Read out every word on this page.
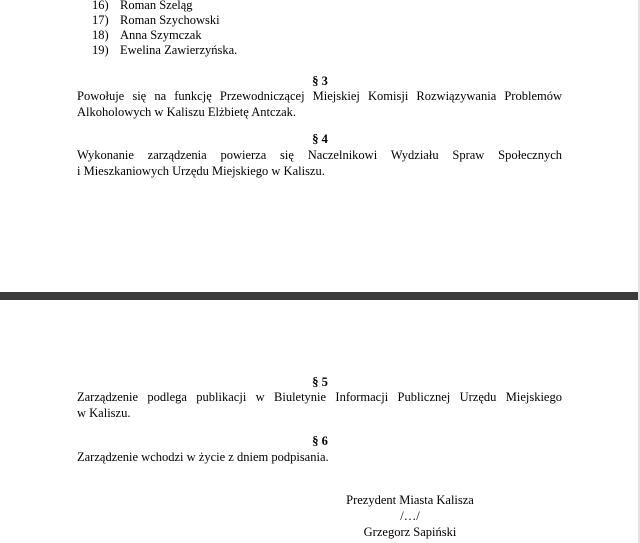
16) Roman Szeląg
17) Roman Szychowski
18) Anna Szymczak
19) Ewelina Zawierzyńska.
§ 3
Powołuje się na funkcję Przewodniczącej Miejskiej Komisji Rozwiązywania Problemów
Alkoholowych w Kaliszu Elżbietę Antczak.
§ 4
Wykonanie zarządzenia powierza się Naczelnikowi Wydziału Spraw Społecznych
i Mieszkaniowych Urzędu Miejskiego w Kaliszu.
§ 5
Zarządzenie podlega publikacji w Biuletynie Informacji Publicznej Urzędu Miejskiego
w Kaliszu.
§ 6
Zarządzenie wchodzi w życie z dniem podpisania.
Prezydent Miasta Kalisza
/…/
Grzegorz Sapiński
